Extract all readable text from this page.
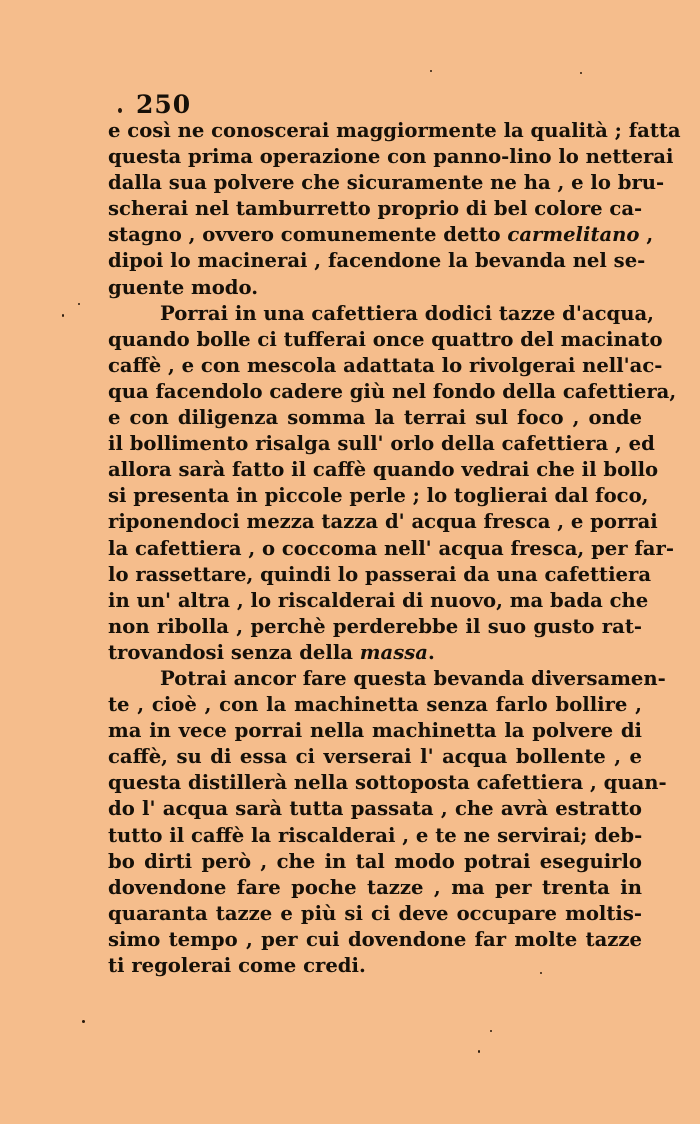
250
e così ne conoscerai maggiormente la qualità ; fatta
questa prima operazione con panno-lino lo netterai
dalla sua polvere che sicuramente ne ha , e lo bru-
scherai nel tamburretto proprio di bel colore ca-
stagno , ovvero comunemente detto carmelitano ,
dipoi lo macinerai , facendone la bevanda nel se-
guente modo.
Porrai in una cafettiera dodici tazze d'acqua,
quando bolle ci tufferai once quattro del macinato
caffè , e con mescola adattata lo rivolgerai nell'ac-
qua facendolo cadere giù nel fondo della cafettiera,
e con diligenza somma la terrai sul foco , onde
il bollimento risalga sull' orlo della cafettiera , ed
allora sarà fatto il caffè quando vedrai che il bollo
si presenta in piccole perle ; lo toglierai dal foco,
riponendoci mezza tazza d' acqua fresca , e porrai
la cafettiera , o coccoma nell' acqua fresca, per far-
lo rassettare, quindi lo passerai da una cafettiera
in un' altra , lo riscalderai di nuovo, ma bada che
non ribolla , perchè perderebbe il suo gusto rat-
trovandosi senza della massa.
Potrai ancor fare questa bevanda diversamen-
te , cioè , con la machinetta senza farlo bollire ,
ma in vece porrai nella machinetta la polvere di
caffè, su di essa ci verserai l' acqua bollente , e
questa distillerà nella sottoposta cafettiera , quan-
do l' acqua sarà tutta passata , che avrà estratto
tutto il caffè la riscalderai , e te ne servirai; deb-
bo dirti però , che in tal modo potrai eseguirlo
dovendone fare poche tazze , ma per trenta in
quaranta tazze e più si ci deve occupare moltis-
simo tempo , per cui dovendone far molte tazze
ti regolerai come credi.
